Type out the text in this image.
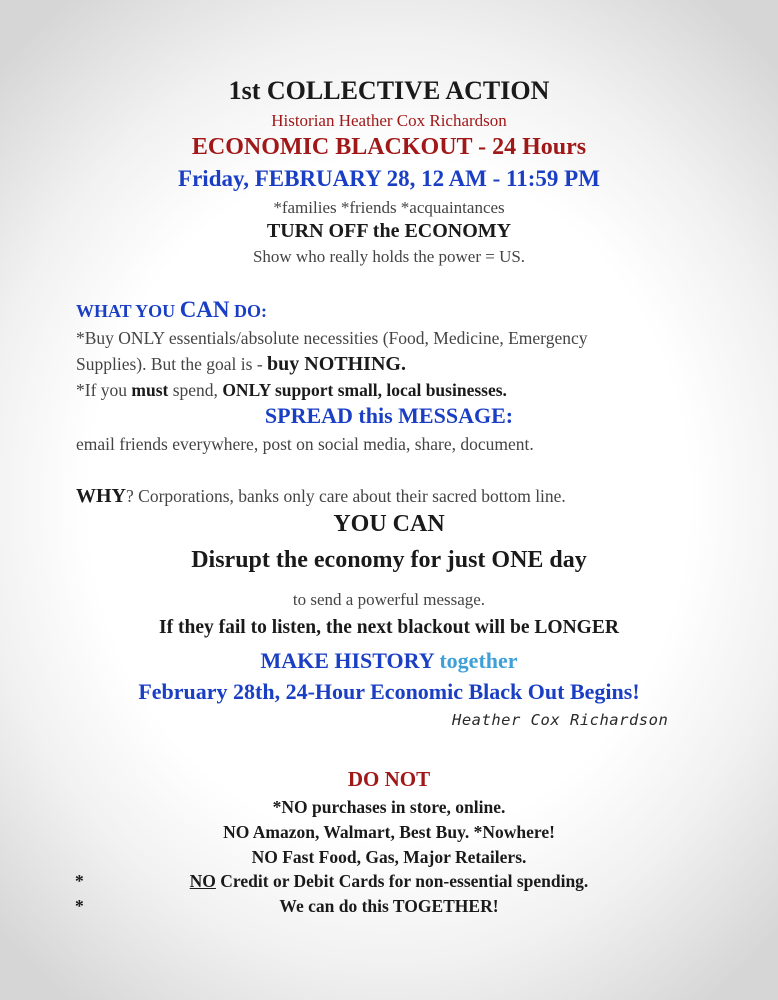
1st COLLECTIVE ACTION
Historian Heather Cox Richardson
ECONOMIC BLACKOUT - 24 Hours
Friday, FEBRUARY 28, 12 AM - 11:59 PM
*families *friends *acquaintances
TURN OFF the ECONOMY
Show who really holds the power = US.
WHAT YOU CAN DO:
*Buy ONLY essentials/absolute necessities (Food, Medicine, Emergency
Supplies). But the goal is - buy NOTHING.
*If you must spend, ONLY support small, local businesses.
SPREAD this MESSAGE:
email friends everywhere, post on social media, share, document.
WHY? Corporations, banks only care about their sacred bottom line.
YOU CAN
Disrupt the economy for just ONE day
to send a powerful message.
If they fail to listen, the next blackout will be LONGER
MAKE HISTORY together
February 28th, 24-Hour Economic Black Out Begins!
Heather Cox Richardson
DO NOT
*NO purchases in store, online.
NO Amazon, Walmart, Best Buy. *Nowhere!
NO Fast Food, Gas, Major Retailers.
*	NO Credit or Debit Cards for non-essential spending.
*	We can do this TOGETHER!
